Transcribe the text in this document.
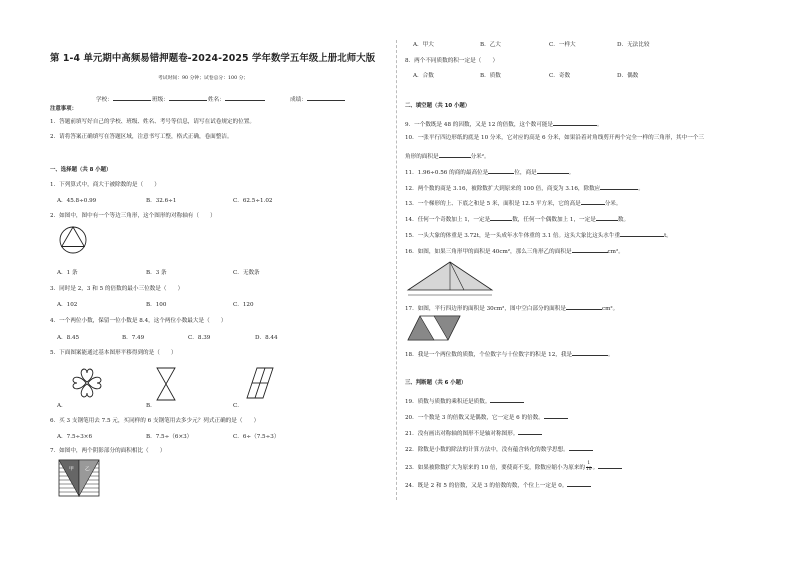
第 1-4 单元期中高频易错押题卷-2024-2025 学年数学五年级上册北师大版
考试时间：90 分钟；试卷总分：100 分；
学校：	班级：	姓名：	成绩：
注意事项：
1．答题前填写好自己的学校、班级、姓名、考号等信息，请写在试卷规定的位置。
2．请将答案正确填写在答题区域，注意书写工整，格式正确，卷面整洁。
一、选择题（共 8 小题）
1．下列算式中，商大于被除数的是（　　）
A．45.8÷0.99	B．32.6÷1	C．62.5÷1.02
2．如图中，图中有一个等边三角形，这个图形的对称轴有（　　）
A．1 条	B．3 条	C．无数条
3．同时是 2，3 和 5 的倍数的最小三位数是（　　）
A．102	B．100	C．120
4．一个两位小数，保留一位小数是 8.4，这个两位小数最大是（　　）
A．8.45	B．7.49	C．8.39	D．8.44
5．下面图案能通过基本图形平移得到的是（　　）
A．	B．	C．
6．买 3 支钢笔用去 7.5 元，买同样的 6 支钢笔用去多少元？列式正确的是（　　）
A．7.5÷3×6	B．7.5÷（6×3）	C．6÷（7.5÷3）
7．如图中，两个阴影部分的面积相比（　　）
甲 乙
A．甲大	B．乙大	C．一样大	D．无法比较
8．两个不同质数的积一定是（　　）
A．合数	B．质数	C．奇数	D．偶数
二、填空题（共 10 小题）
9．一个数既是 48 的因数，又是 12 的倍数，这个数可能是	。
10．一张平行四边形纸的底是 10 分米，它对应的高是 6 分米，如果沿着对角线剪开两个完全一样的三角形，其中一个三
角形的面积是	分米²。
11．1.96÷0.56 的商的最高位是	位，商是	。
12．两个数的商是 3.16，被除数扩大到原来的 100 倍，商变为 3.16，除数应	。
13．一个梯形的上、下底之和是 5 米，面积是 12.5 平方米，它的高是	分米。
14．任何一个奇数加上 1，一定是	数，任何一个偶数加上 1，一定是	数。
15．一头大象的体重是 3.72t，是一头成年水牛体重的 3.1 倍。这头大象比这头水牛重	t。
16．如图，如果三角形甲的面积是 40cm²，那么三角形乙的面积是	cm²。
17．如图，平行四边形的面积是 30cm²，图中空白部分的面积是	cm²。
18．我是一个两位数的质数，个位数字与十位数字的积是 12，我是	。
三、判断题（共 6 小题）
19．质数与质数的乘积还是质数。
20．一个数是 3 的倍数又是偶数，它一定是 6 的倍数。
21．没有画出对称轴的图形不是轴对称图形。
22．除数是小数的除法的计算方法中，没有蕴含转化的数学思想。
23．如果被除数扩大为原来的 10 倍，要使商不变，除数应缩小为原来的 $\frac{1}{10}$ 。
24．既是 2 和 5 的倍数，又是 3 的倍数的数，个位上一定是 0。
